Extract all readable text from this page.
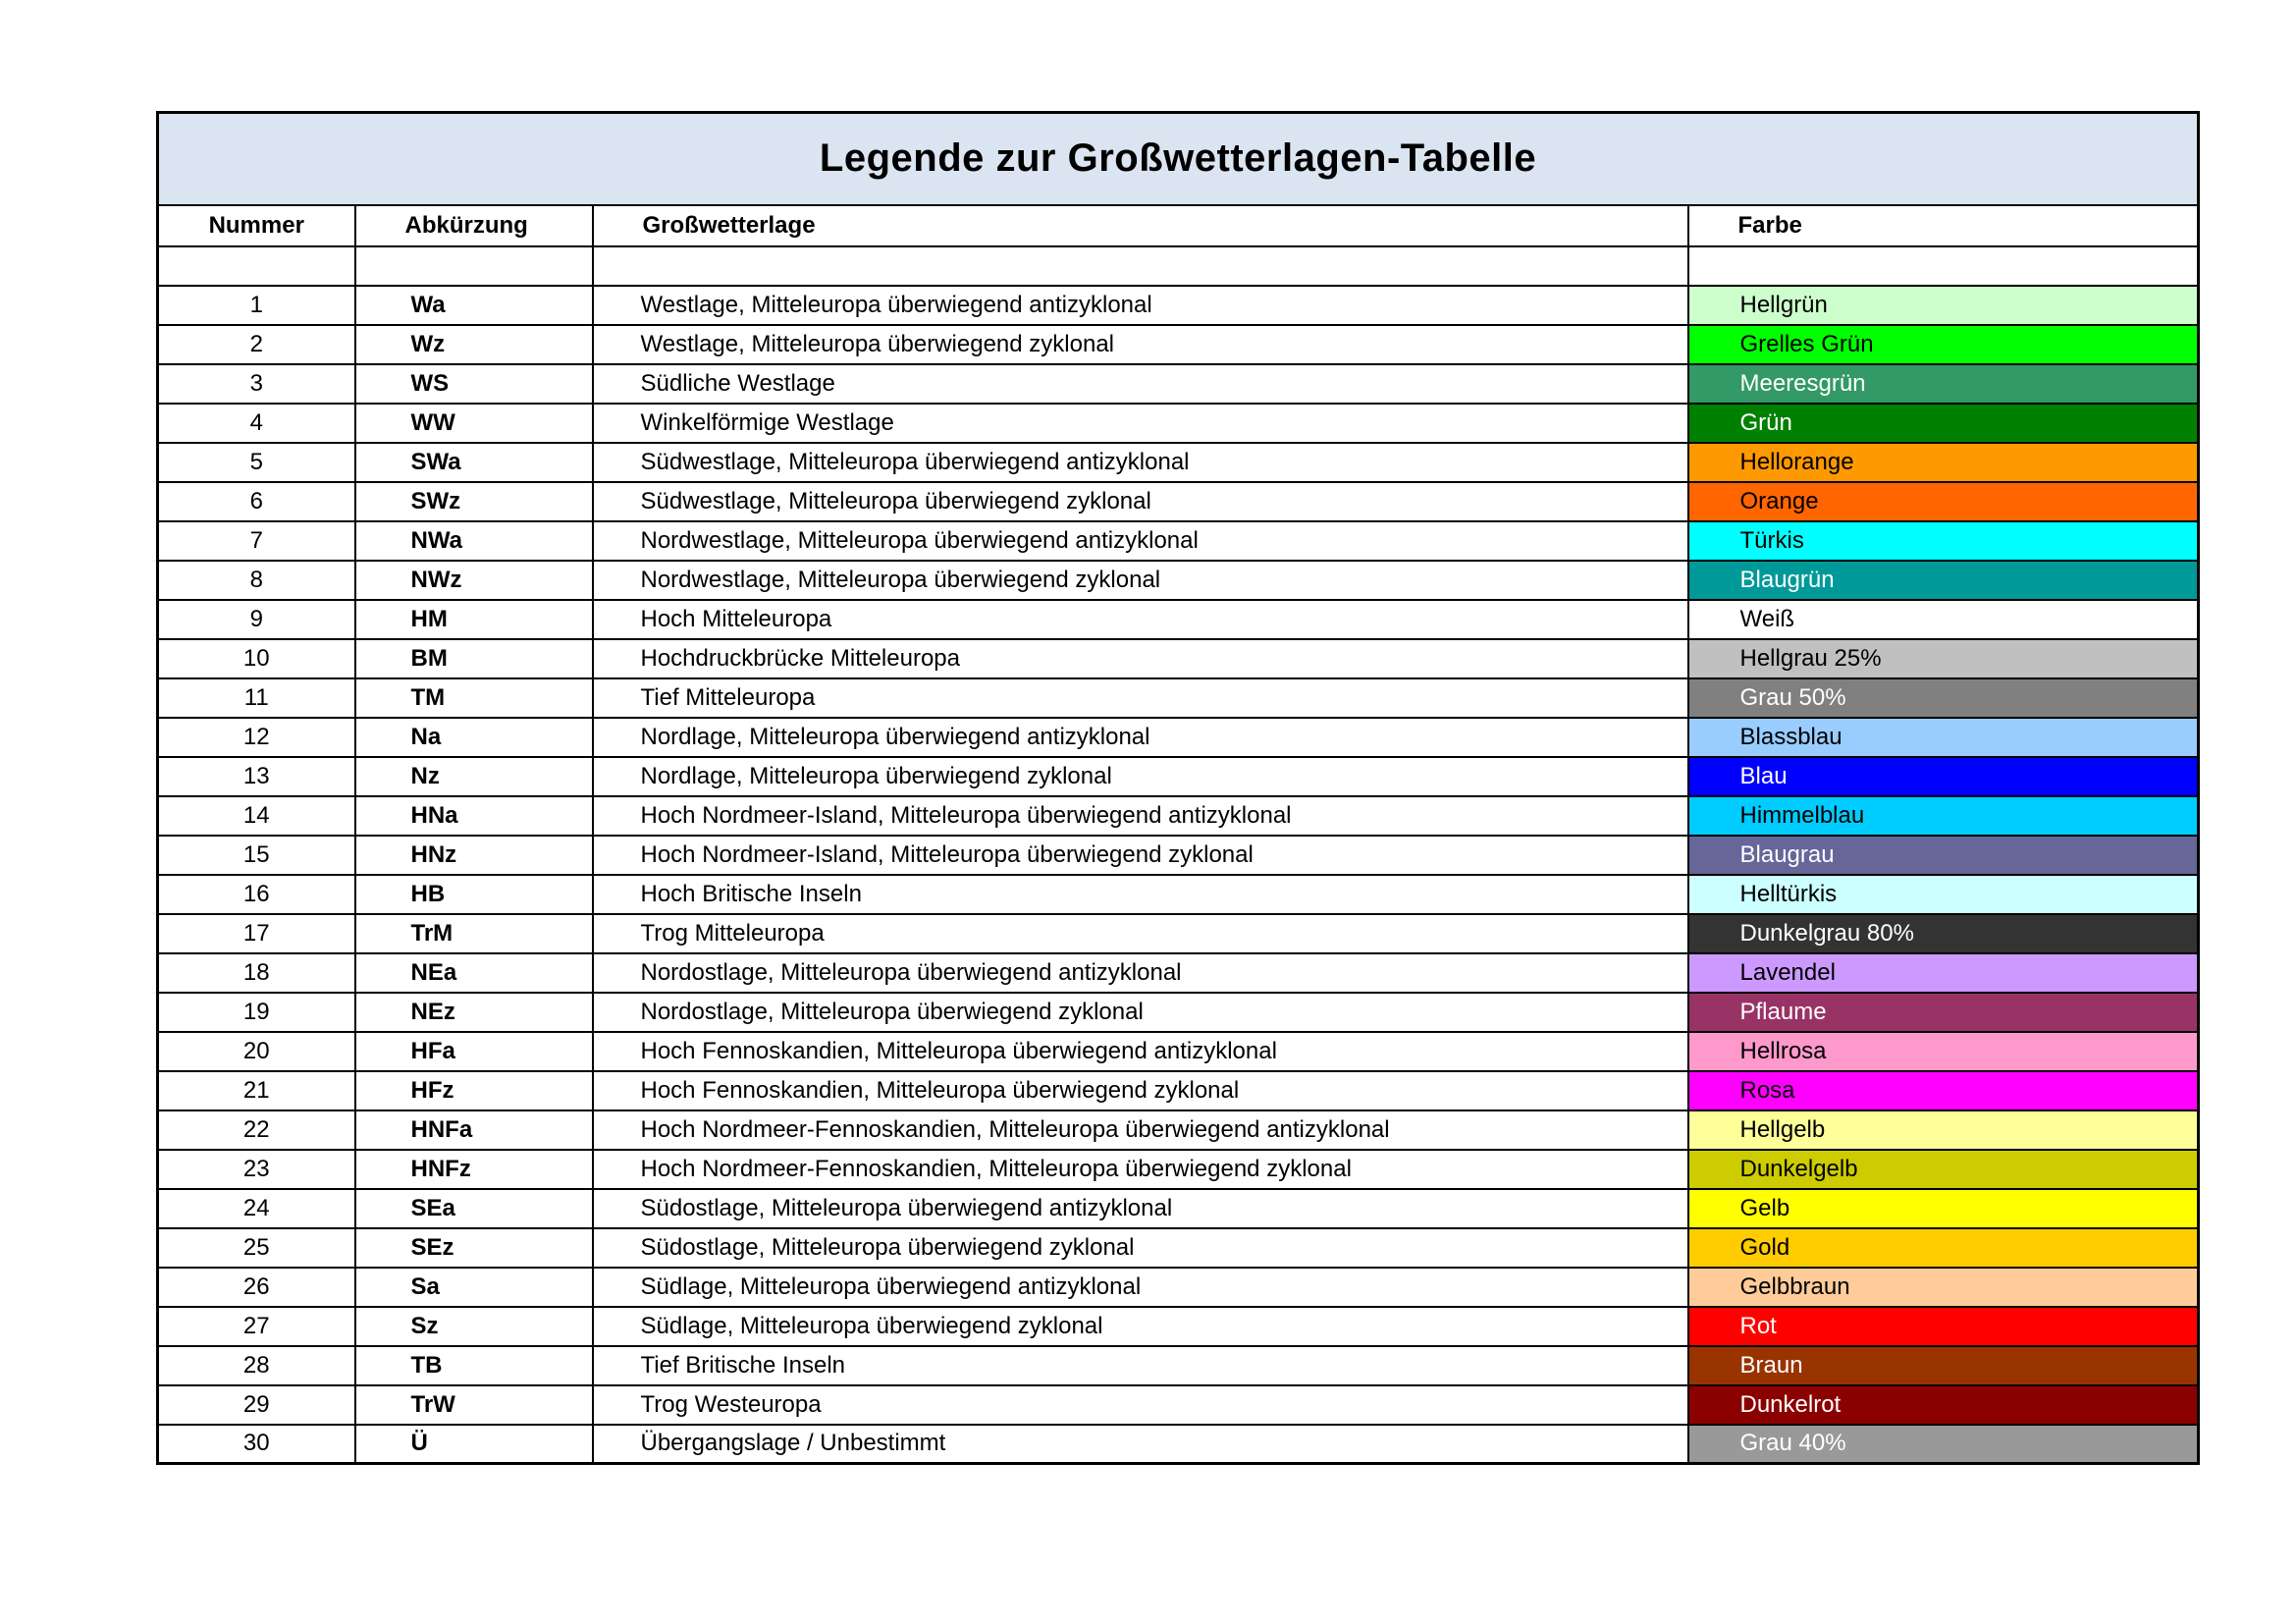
Legende zur Großwetterlagen-Tabelle			
Nummer	Abkürzung	Großwetterlage	Farbe

1	Wa	Westlage, Mitteleuropa überwiegend antizyklonal	Hellgrün
2	Wz	Westlage, Mitteleuropa überwiegend zyklonal	Grelles Grün
3	WS	Südliche Westlage	Meeresgrün
4	WW	Winkelförmige Westlage	Grün
5	SWa	Südwestlage, Mitteleuropa überwiegend antizyklonal	Hellorange
6	SWz	Südwestlage, Mitteleuropa überwiegend zyklonal	Orange
7	NWa	Nordwestlage, Mitteleuropa überwiegend antizyklonal	Türkis
8	NWz	Nordwestlage, Mitteleuropa überwiegend zyklonal	Blaugrün
9	HM	Hoch Mitteleuropa	Weiß
10	BM	Hochdruckbrücke Mitteleuropa	Hellgrau 25%
11	TM	Tief Mitteleuropa	Grau 50%
12	Na	Nordlage, Mitteleuropa überwiegend antizyklonal	Blassblau
13	Nz	Nordlage, Mitteleuropa überwiegend zyklonal	Blau
14	HNa	Hoch Nordmeer-Island, Mitteleuropa überwiegend antizyklonal	Himmelblau
15	HNz	Hoch Nordmeer-Island, Mitteleuropa überwiegend zyklonal	Blaugrau
16	HB	Hoch Britische Inseln	Helltürkis
17	TrM	Trog Mitteleuropa	Dunkelgrau 80%
18	NEa	Nordostlage, Mitteleuropa überwiegend antizyklonal	Lavendel
19	NEz	Nordostlage, Mitteleuropa überwiegend zyklonal	Pflaume
20	HFa	Hoch Fennoskandien, Mitteleuropa überwiegend antizyklonal	Hellrosa
21	HFz	Hoch Fennoskandien, Mitteleuropa überwiegend zyklonal	Rosa
22	HNFa	Hoch Nordmeer-Fennoskandien, Mitteleuropa überwiegend antizyklonal	Hellgelb
23	HNFz	Hoch Nordmeer-Fennoskandien, Mitteleuropa überwiegend zyklonal	Dunkelgelb
24	SEa	Südostlage, Mitteleuropa überwiegend antizyklonal	Gelb
25	SEz	Südostlage, Mitteleuropa überwiegend zyklonal	Gold
26	Sa	Südlage, Mitteleuropa überwiegend antizyklonal	Gelbbraun
27	Sz	Südlage, Mitteleuropa überwiegend zyklonal	Rot
28	TB	Tief Britische Inseln	Braun
29	TrW	Trog Westeuropa	Dunkelrot
30	Ü	Übergangslage / Unbestimmt	Grau 40%
